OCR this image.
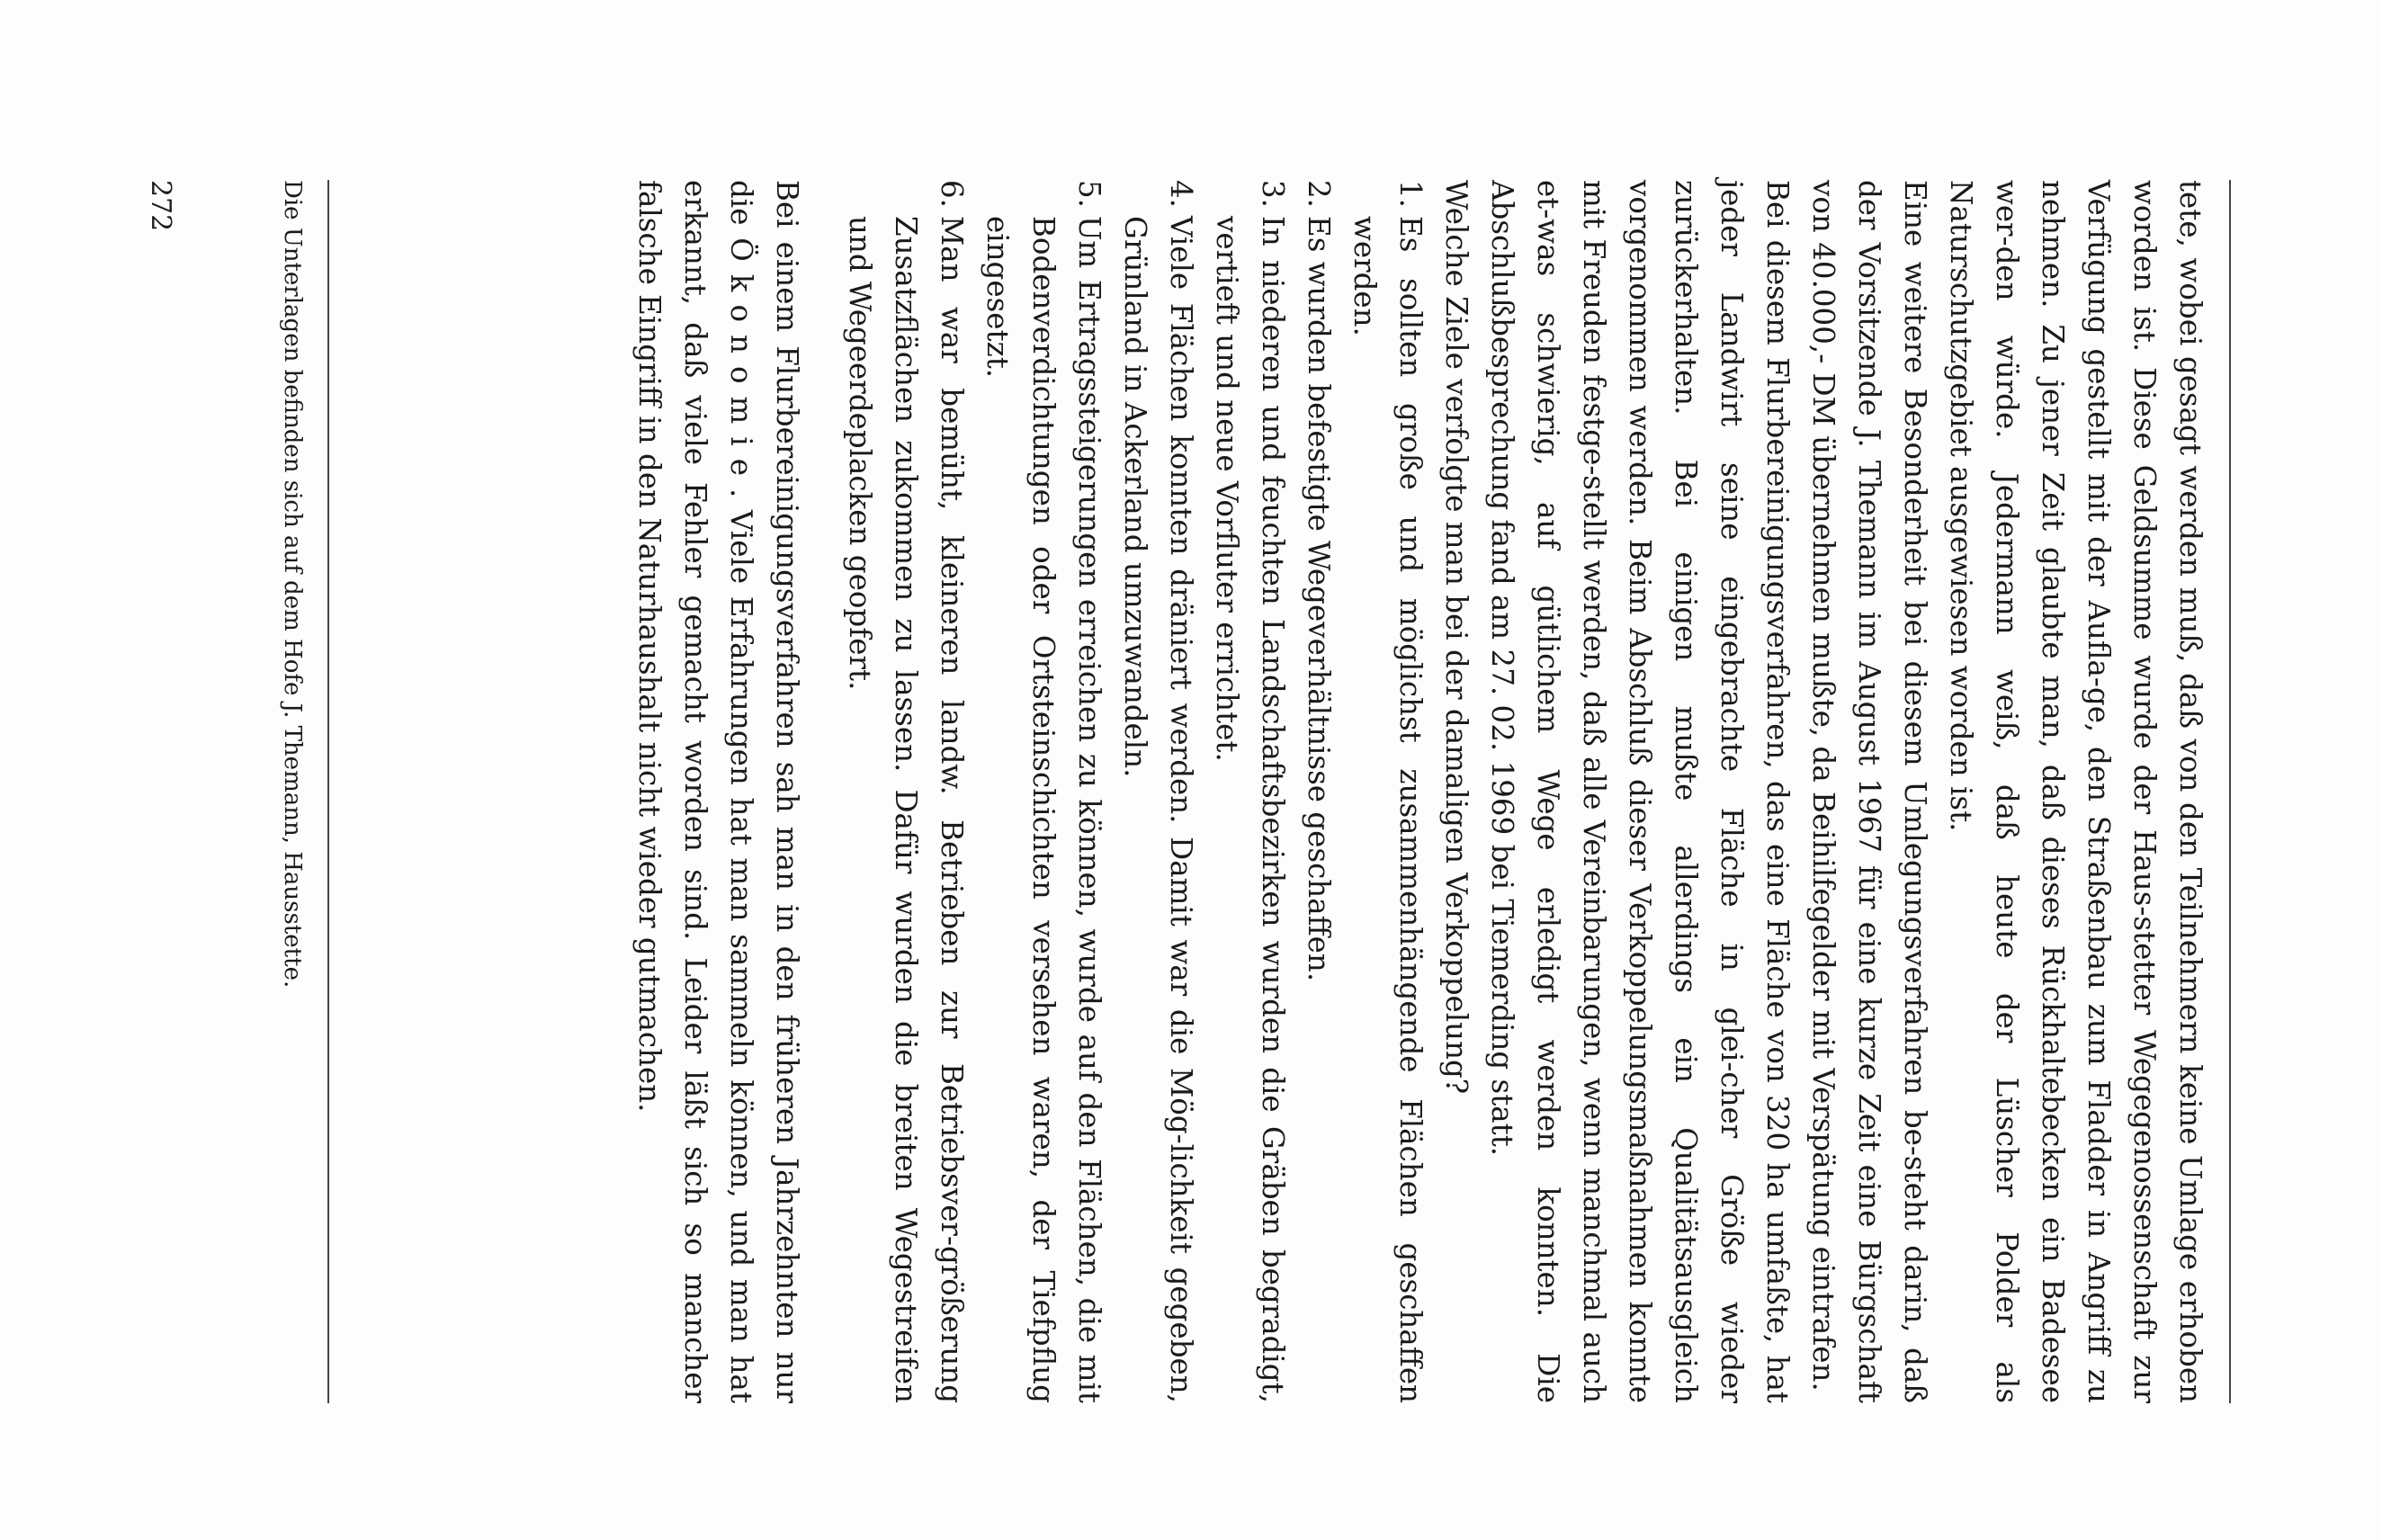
tete, wobei gesagt werden muß, daß von den Teilnehmern keine Umlage erhoben worden ist. Diese Geldsumme wurde der Haus-stetter Wegegenossenschaft zur Verfügung gestellt mit der Aufla-ge, den Straßenbau zum Fladder in Angriff zu nehmen. Zu jener Zeit glaubte man, daß dieses Rückhaltebecken ein Badesee wer-den würde. Jedermann weiß, daß heute der Lüscher Polder als Naturschutzgebiet ausgewiesen worden ist.

Eine weitere Besonderheit bei diesem Umlegungsverfahren be-steht darin, daß der Vorsitzende J. Themann im August 1967 für eine kurze Zeit eine Bürgschaft von 40.000,- DM übernehmen mußte, da Beihilfegelder mit Verspätung eintrafen.

Bei diesem Flurbereinigungsverfahren, das eine Fläche von 320 ha umfaßte, hat jeder Landwirt seine eingebrachte Fläche in glei-cher Größe wieder zurückerhalten. Bei einigen mußte allerdings ein Qualitätsausgleich vorgenommen werden. Beim Abschluß dieser Verkoppelungsmaßnahmen konnte mit Freuden festge-stellt werden, daß alle Vereinbarungen, wenn manchmal auch et-was schwierig, auf gütlichem Wege erledigt werden konnten. Die Abschlußbesprechung fand am 27. 02. 1969 bei Tiemerding statt.

Welche Ziele verfolgte man bei der damaligen Verkoppelung?

1.
Es sollten große und möglichst zusammenhängende Flächen geschaffen werden.
2.
Es wurden befestigte Wegeverhältnisse geschaffen.
3.
In niederen und feuchten Landschaftsbezirken wurden die Gräben begradigt, vertieft und neue Vorfluter errichtet.
4.
Viele Flächen konnten dräniert werden. Damit war die Mög-lichkeit gegeben, Grünland in Ackerland umzuwandeln.
5.
Um Ertragssteigerungen erreichen zu können, wurde auf den Flächen, die mit Bodenverdichtungen oder Ortsteinschichten versehen waren, der Tiefpflug eingesetzt.
6.
Man war bemüht, kleineren landw. Betrieben zur Betriebsver-größerung Zusatzflächen zukommen zu lassen. Dafür wurden die breiten Wegestreifen und Wegeerdeplacken geopfert.

Bei einem Flurbereinigungsverfahren sah man in den früheren Jahrzehnten nur die Ökonomie. Viele Erfahrungen hat man sammeln können, und man hat erkannt, daß viele Fehler gemacht worden sind. Leider läßt sich so mancher falsche Eingriff in den Naturhaushalt nicht wieder gutmachen.

Die Unterlagen befinden sich auf dem Hofe J. Themann, Hausstette.
272
